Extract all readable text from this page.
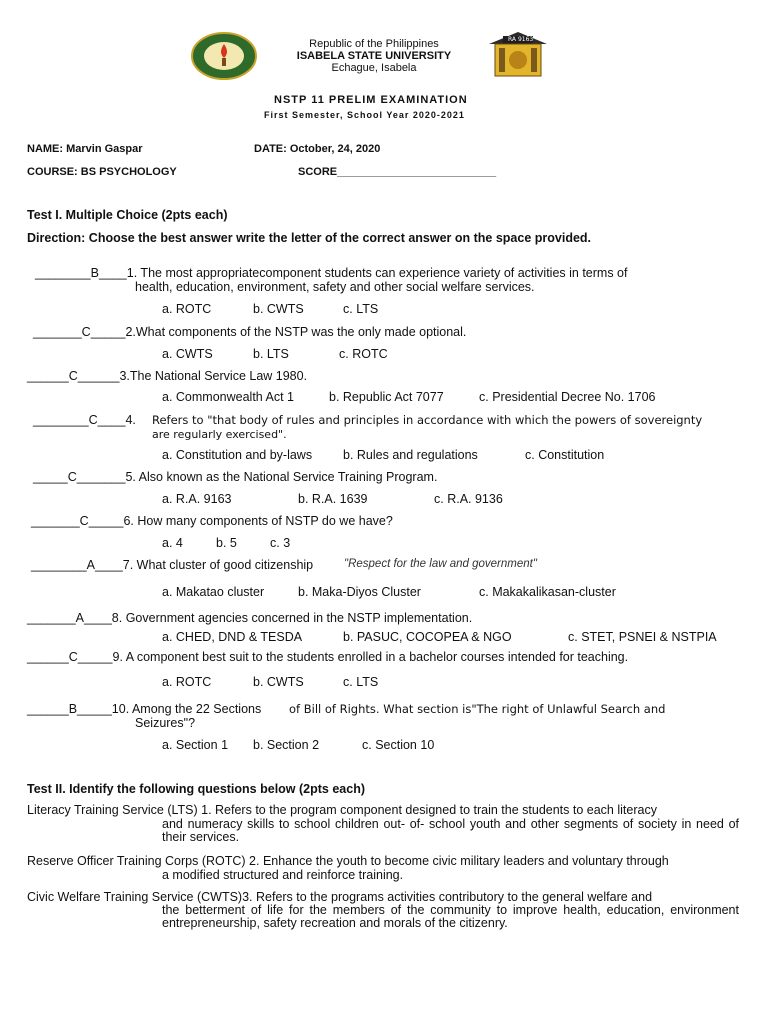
Republic of the Philippines
ISABELA STATE UNIVERSITY
Echague, Isabela
RA 9163
NSTP 11 PRELIM EXAMINATION
First Semester, School Year 2020-2021
NAME: Marvin Gaspar	DATE: October, 24, 2020
COURSE: BS PSYCHOLOGY	SCORE__________________________
Test I. Multiple Choice (2pts each)
Direction: Choose the best answer write the letter of the correct answer on the space provided.
________B____1. The most appropriatecomponent students can experience variety of activities in terms of
health, education, environment, safety and other social welfare services.
a. ROTC	b. CWTS	c. LTS
_______C_____2.What components of the NSTP was the only made optional.
a. CWTS	b. LTS	c. ROTC
______C______3.The National Service Law 1980.
a. Commonwealth Act 1	b. Republic Act 7077	c. Presidential Decree No. 1706
________C____4. Refers to "that body of rules and principles in accordance with which the powers of sovereignty
are regularly exercised".
a. Constitution and by-laws b. Rules and regulations	c. Constitution
_____C_______5. Also known as the National Service Training Program.
a. R.A. 9163	b. R.A. 1639	c. R.A. 9136
_______C_____6. How many components of NSTP do we have?
a. 4	b. 5	c. 3
________A____7. What cluster of good citizenship	"Respect for the law and government"
a. Makatao cluster	b. Maka-Diyos Cluster	c. Makakalikasan-cluster
_______A____8. Government agencies concerned in the NSTP implementation.
a. CHED, DND & TESDA	b. PASUC, COCOPEA & NGO	c. STET, PSNEI & NSTPIA
______C_____9. A component best suit to the students enrolled in a bachelor courses intended for teaching.
a. ROTC	b. CWTS	c. LTS
______B_____10. Among the 22 Sections of Bill of Rights. What section is"The right of Unlawful Search and
Seizures"?
a. Section 1 b. Section 2	c. Section 10
Test II. Identify the following questions below (2pts each)
Literacy Training Service (LTS) 1. Refers to the program component designed to train the students to each literacy
and numeracy skills to school children out- of- school youth and other segments of society in need of their services.
Reserve Officer Training Corps (ROTC) 2. Enhance the youth to become civic military leaders and voluntary through
a modified structured and reinforce training.
Civic Welfare Training Service (CWTS)3. Refers to the programs activities contributory to the general welfare and
the betterment of life for the members of the community to improve health, education, environment entrepreneurship, safety recreation and morals of the citizenry.
